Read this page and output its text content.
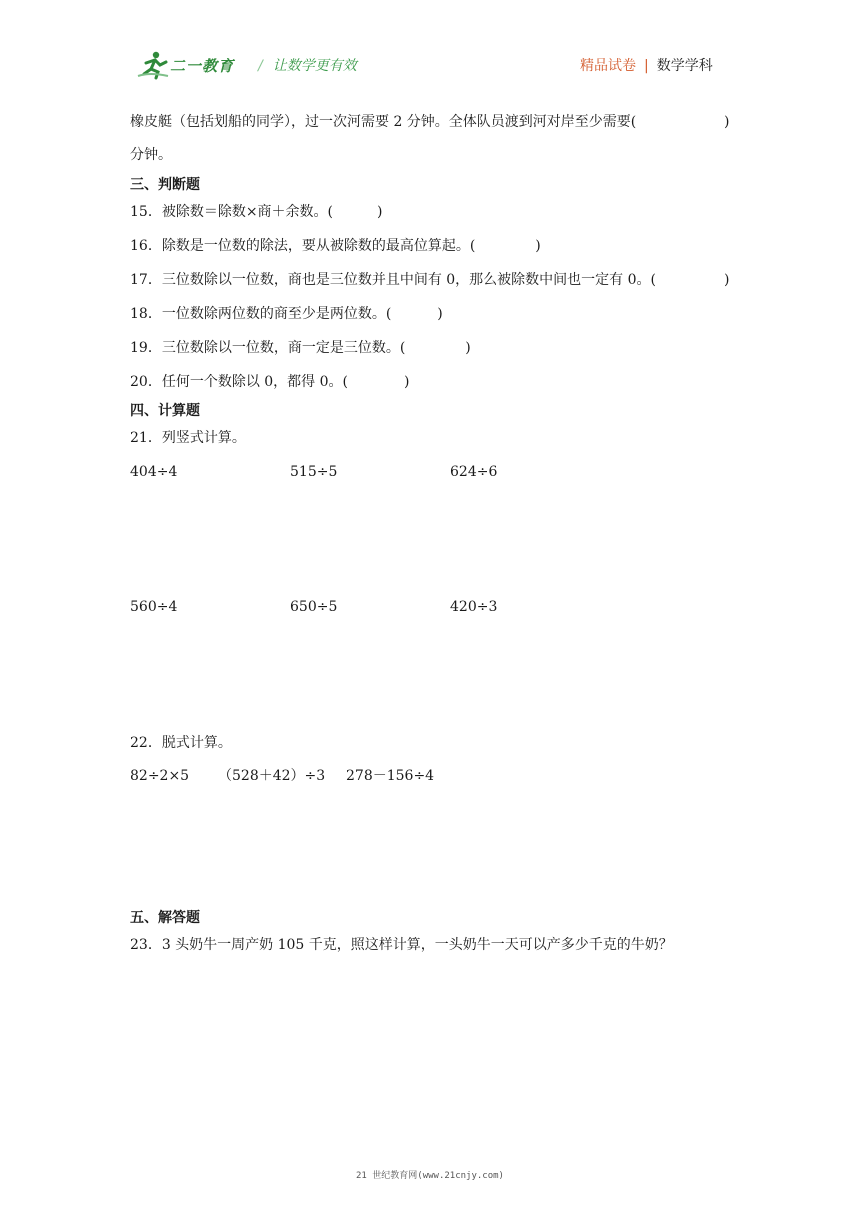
二一教育 / 让数学更有效	精品试卷 | 数学学科
橡皮艇（包括划船的同学），过一次河需要 2 分钟。全体队员渡到河对岸至少需要(	)
分钟。
三、判断题
15．被除数＝除数×商＋余数。(	)
16．除数是一位数的除法，要从被除数的最高位算起。(	)
17．三位数除以一位数，商也是三位数并且中间有 0，那么被除数中间也一定有 0。(	)
18．一位数除两位数的商至少是两位数。(	)
19．三位数除以一位数，商一定是三位数。(	)
20．任何一个数除以 0，都得 0。(	)
四、计算题
21．列竖式计算。
404÷4	515÷5	624÷6
560÷4	650÷5	420÷3
22．脱式计算。
82÷2×5 （528＋42）÷3 278－156÷4
五、解答题
23．3 头奶牛一周产奶 105 千克，照这样计算，一头奶牛一天可以产多少千克的牛奶？
21 世纪教育网(www.21cnjy.com)
